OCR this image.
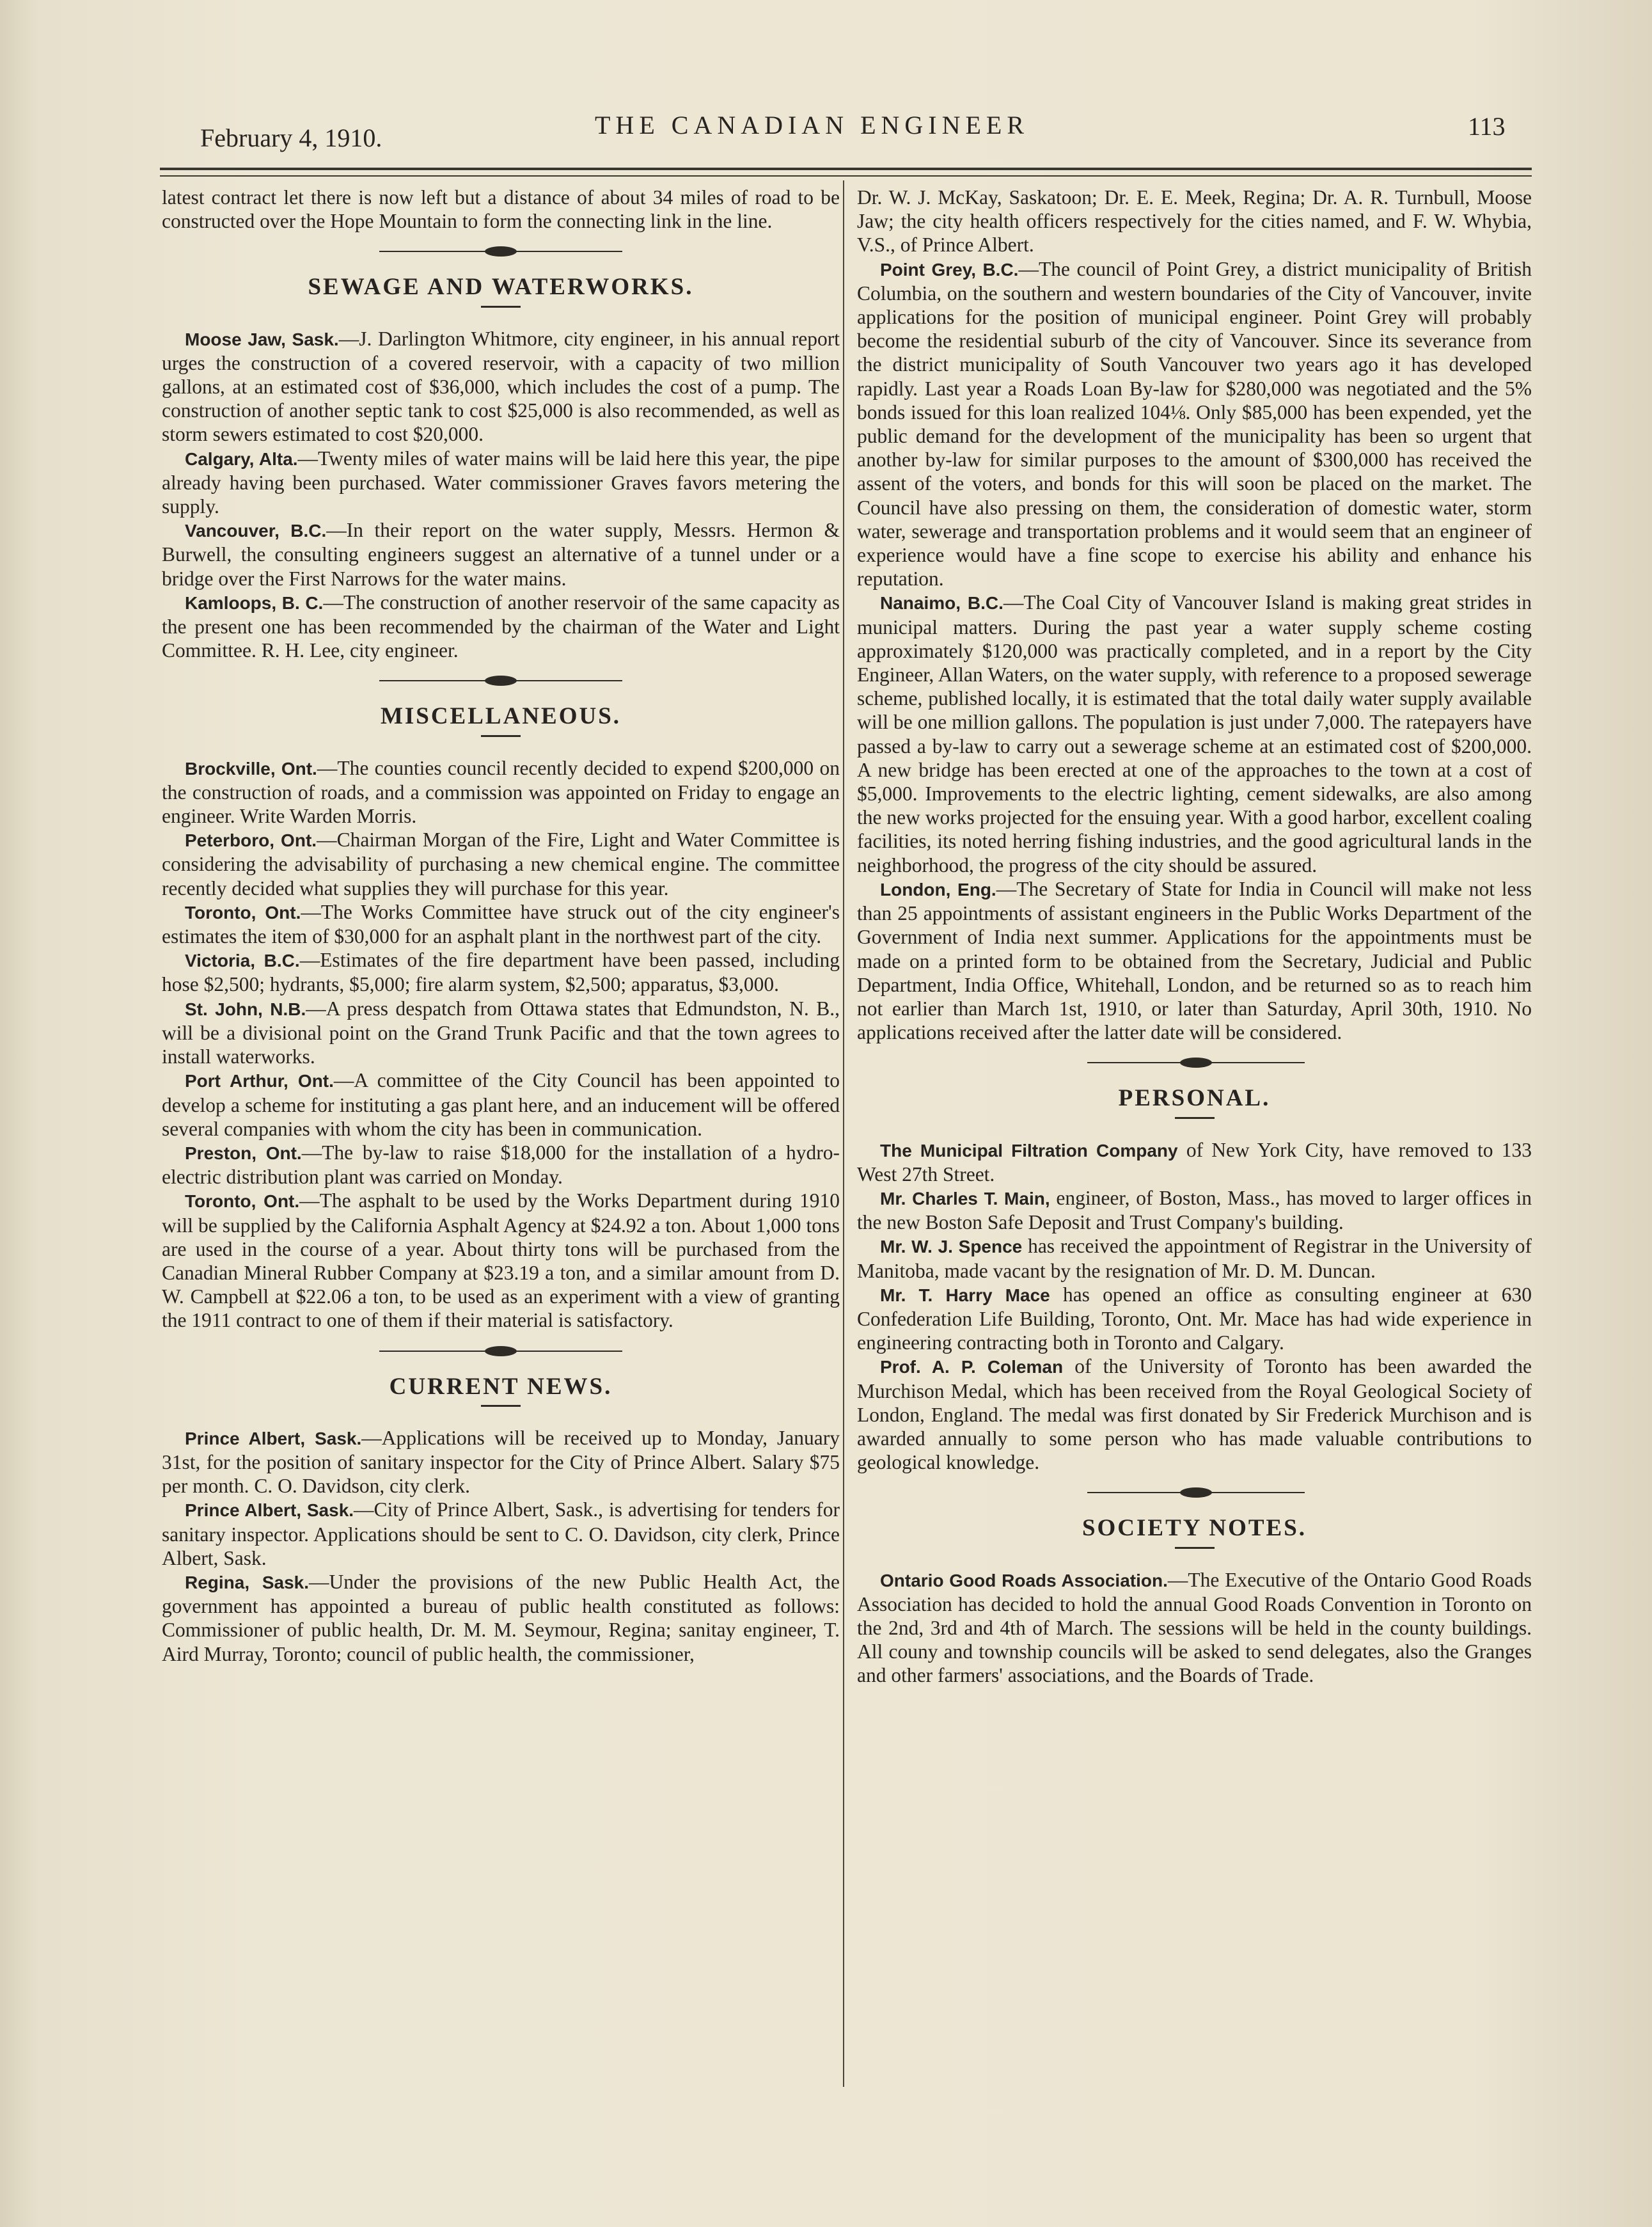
February 4, 1910.	THE CANADIAN ENGINEER	113

latest contract let there is now left but a distance of about 34 miles of road to be constructed over the Hope Mountain to form the connecting link in the line.

SEWAGE AND WATERWORKS.

Moose Jaw, Sask.—J. Darlington Whitmore, city engineer, in his annual report urges the construction of a covered reservoir, with a capacity of two million gallons, at an estimated cost of $36,000, which includes the cost of a pump. The construction of another septic tank to cost $25,000 is also recommended, as well as storm sewers estimated to cost $20,000.

Calgary, Alta.—Twenty miles of water mains will be laid here this year, the pipe already having been purchased. Water commissioner Graves favors metering the supply.

Vancouver, B.C.—In their report on the water supply, Messrs. Hermon & Burwell, the consulting engineers suggest an alternative of a tunnel under or a bridge over the First Narrows for the water mains.

Kamloops, B. C.—The construction of another reservoir of the same capacity as the present one has been recommended by the chairman of the Water and Light Committee. R. H. Lee, city engineer.

MISCELLANEOUS.

Brockville, Ont.—The counties council recently decided to expend $200,000 on the construction of roads, and a commission was appointed on Friday to engage an engineer. Write Warden Morris.

Peterboro, Ont.—Chairman Morgan of the Fire, Light and Water Committee is considering the advisability of purchasing a new chemical engine. The committee recently decided what supplies they will purchase for this year.

Toronto, Ont.—The Works Committee have struck out of the city engineer's estimates the item of $30,000 for an asphalt plant in the northwest part of the city.

Victoria, B.C.—Estimates of the fire department have been passed, including hose $2,500; hydrants, $5,000; fire alarm system, $2,500; apparatus, $3,000.

St. John, N.B.—A press despatch from Ottawa states that Edmundston, N. B., will be a divisional point on the Grand Trunk Pacific and that the town agrees to install waterworks.

Port Arthur, Ont.—A committee of the City Council has been appointed to develop a scheme for instituting a gas plant here, and an inducement will be offered several companies with whom the city has been in communication.

Preston, Ont.—The by-law to raise $18,000 for the installation of a hydro-electric distribution plant was carried on Monday.

Toronto, Ont.—The asphalt to be used by the Works Department during 1910 will be supplied by the California Asphalt Agency at $24.92 a ton. About 1,000 tons are used in the course of a year. About thirty tons will be purchased from the Canadian Mineral Rubber Company at $23.19 a ton, and a similar amount from D. W. Campbell at $22.06 a ton, to be used as an experiment with a view of granting the 1911 contract to one of them if their material is satisfactory.

CURRENT NEWS.

Prince Albert, Sask.—Applications will be received up to Monday, January 31st, for the position of sanitary inspector for the City of Prince Albert. Salary $75 per month. C. O. Davidson, city clerk.

Prince Albert, Sask.—City of Prince Albert, Sask., is advertising for tenders for sanitary inspector. Applications should be sent to C. O. Davidson, city clerk, Prince Albert, Sask.

Regina, Sask.—Under the provisions of the new Public Health Act, the government has appointed a bureau of public health constituted as follows: Commissioner of public health, Dr. M. M. Seymour, Regina; sanitay engineer, T. Aird Murray, Toronto; council of public health, the commissioner,

Dr. W. J. McKay, Saskatoon; Dr. E. E. Meek, Regina; Dr. A. R. Turnbull, Moose Jaw; the city health officers respectively for the cities named, and F. W. Whybia, V.S., of Prince Albert.

Point Grey, B.C.—The council of Point Grey, a district municipality of British Columbia, on the southern and western boundaries of the City of Vancouver, invite applications for the position of municipal engineer. Point Grey will probably become the residential suburb of the city of Vancouver. Since its severance from the district municipality of South Vancouver two years ago it has developed rapidly. Last year a Roads Loan By-law for $280,000 was negotiated and the 5% bonds issued for this loan realized 104⅛. Only $85,000 has been expended, yet the public demand for the development of the municipality has been so urgent that another by-law for similar purposes to the amount of $300,000 has received the assent of the voters, and bonds for this will soon be placed on the market. The Council have also pressing on them, the consideration of domestic water, storm water, sewerage and transportation problems and it would seem that an engineer of experience would have a fine scope to exercise his ability and enhance his reputation.

Nanaimo, B.C.—The Coal City of Vancouver Island is making great strides in municipal matters. During the past year a water supply scheme costing approximately $120,000 was practically completed, and in a report by the City Engineer, Allan Waters, on the water supply, with reference to a proposed sewerage scheme, published locally, it is estimated that the total daily water supply available will be one million gallons. The population is just under 7,000. The ratepayers have passed a by-law to carry out a sewerage scheme at an estimated cost of $200,000. A new bridge has been erected at one of the approaches to the town at a cost of $5,000. Improvements to the electric lighting, cement sidewalks, are also among the new works projected for the ensuing year. With a good harbor, excellent coaling facilities, its noted herring fishing industries, and the good agricultural lands in the neighborhood, the progress of the city should be assured.

London, Eng.—The Secretary of State for India in Council will make not less than 25 appointments of assistant engineers in the Public Works Department of the Government of India next summer. Applications for the appointments must be made on a printed form to be obtained from the Secretary, Judicial and Public Department, India Office, Whitehall, London, and be returned so as to reach him not earlier than March 1st, 1910, or later than Saturday, April 30th, 1910. No applications received after the latter date will be considered.

PERSONAL.

The Municipal Filtration Company of New York City, have removed to 133 West 27th Street.

Mr. Charles T. Main, engineer, of Boston, Mass., has moved to larger offices in the new Boston Safe Deposit and Trust Company's building.

Mr. W. J. Spence has received the appointment of Registrar in the University of Manitoba, made vacant by the resignation of Mr. D. M. Duncan.

Mr. T. Harry Mace has opened an office as consulting engineer at 630 Confederation Life Building, Toronto, Ont. Mr. Mace has had wide experience in engineering contracting both in Toronto and Calgary.

Prof. A. P. Coleman of the University of Toronto has been awarded the Murchison Medal, which has been received from the Royal Geological Society of London, England. The medal was first donated by Sir Frederick Murchison and is awarded annually to some person who has made valuable contributions to geological knowledge.

SOCIETY NOTES.

Ontario Good Roads Association.—The Executive of the Ontario Good Roads Association has decided to hold the annual Good Roads Convention in Toronto on the 2nd, 3rd and 4th of March. The sessions will be held in the county buildings. All couny and township councils will be asked to send delegates, also the Granges and other farmers' associations, and the Boards of Trade.
